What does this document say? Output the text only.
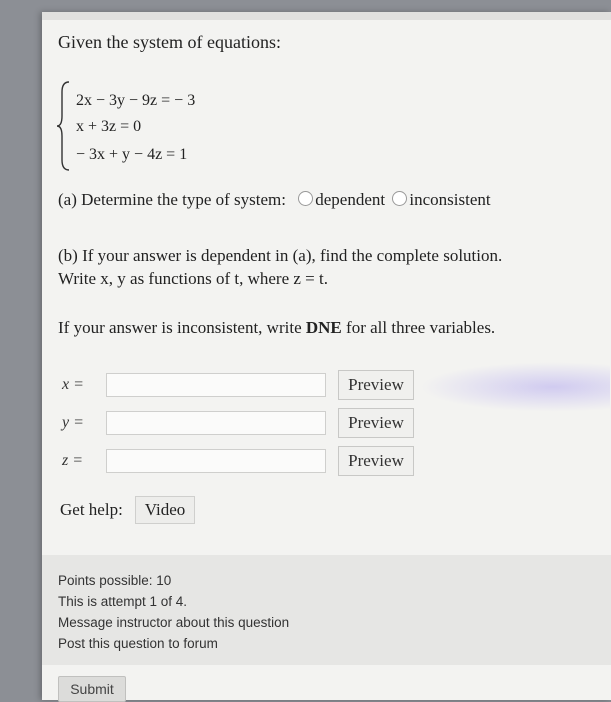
Given the system of equations:
2x − 3y − 9z = − 3
x + 3z = 0
− 3x + y − 4z = 1
(a) Determine the type of system: dependent inconsistent
(b) If your answer is dependent in (a), find the complete solution.
Write x, y as functions of t, where z = t.
If your answer is inconsistent, write DNE for all three variables.
x =	Preview
y =	Preview
z =	Preview
Get help:	Video
Points possible: 10
This is attempt 1 of 4.
Message instructor about this question
Post this question to forum
Submit
